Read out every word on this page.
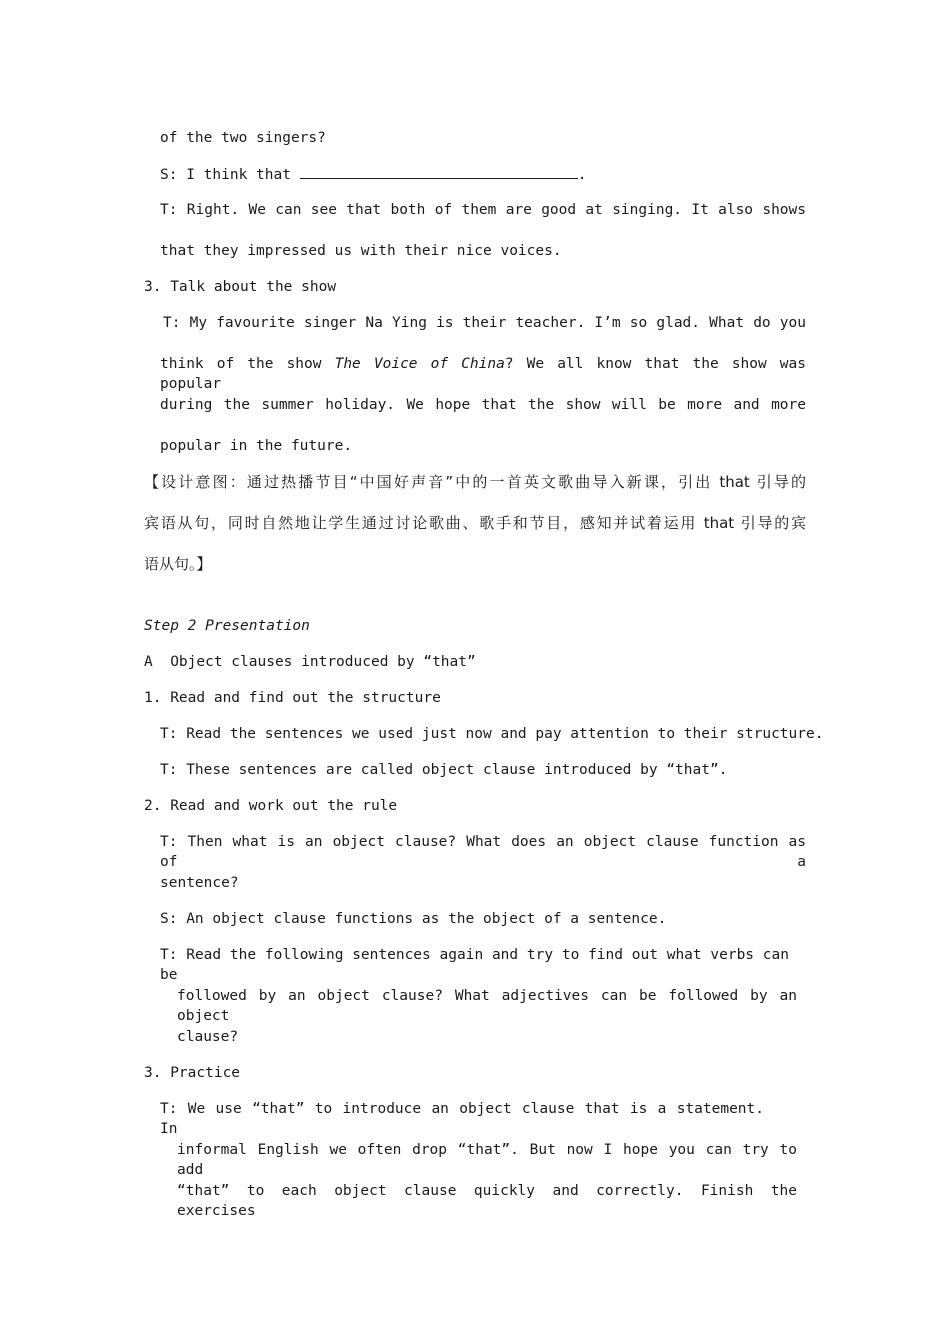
of the two singers?
S: I think that	.
T: Right. We can see that both of them are good at singing. It also shows
that they impressed us with their nice voices.
3. Talk about the show
T: My favourite singer Na Ying is their teacher. I’m so glad. What do you
think of the show The Voice of China? We all know that the show was popular
during the summer holiday. We hope that the show will be more and more
popular in the future.
【设计意图：通过热播节目“中国好声音”中的一首英文歌曲导入新课，引出 that 引导的
宾语从句，同时自然地让学生通过讨论歌曲、歌手和节目，感知并试着运用 that 引导的宾
语从句。】
Step 2 Presentation
A  Object clauses introduced by “that”
1. Read and find out the structure
T: Read the sentences we used just now and pay attention to their structure.
T: These sentences are called object clause introduced by “that”.
2. Read and work out the rule
T: Then what is an object clause? What does an object clause function as of a
sentence?
S: An object clause functions as the object of a sentence.
T: Read the following sentences again and try to find out what verbs can be
followed by an object clause? What adjectives can be followed by an object
clause?
3. Practice
T: We use “that” to introduce an object clause that is a statement. In
informal English we often drop “that”. But now I hope you can try to add
“that” to each object clause quickly and correctly. Finish the exercises
